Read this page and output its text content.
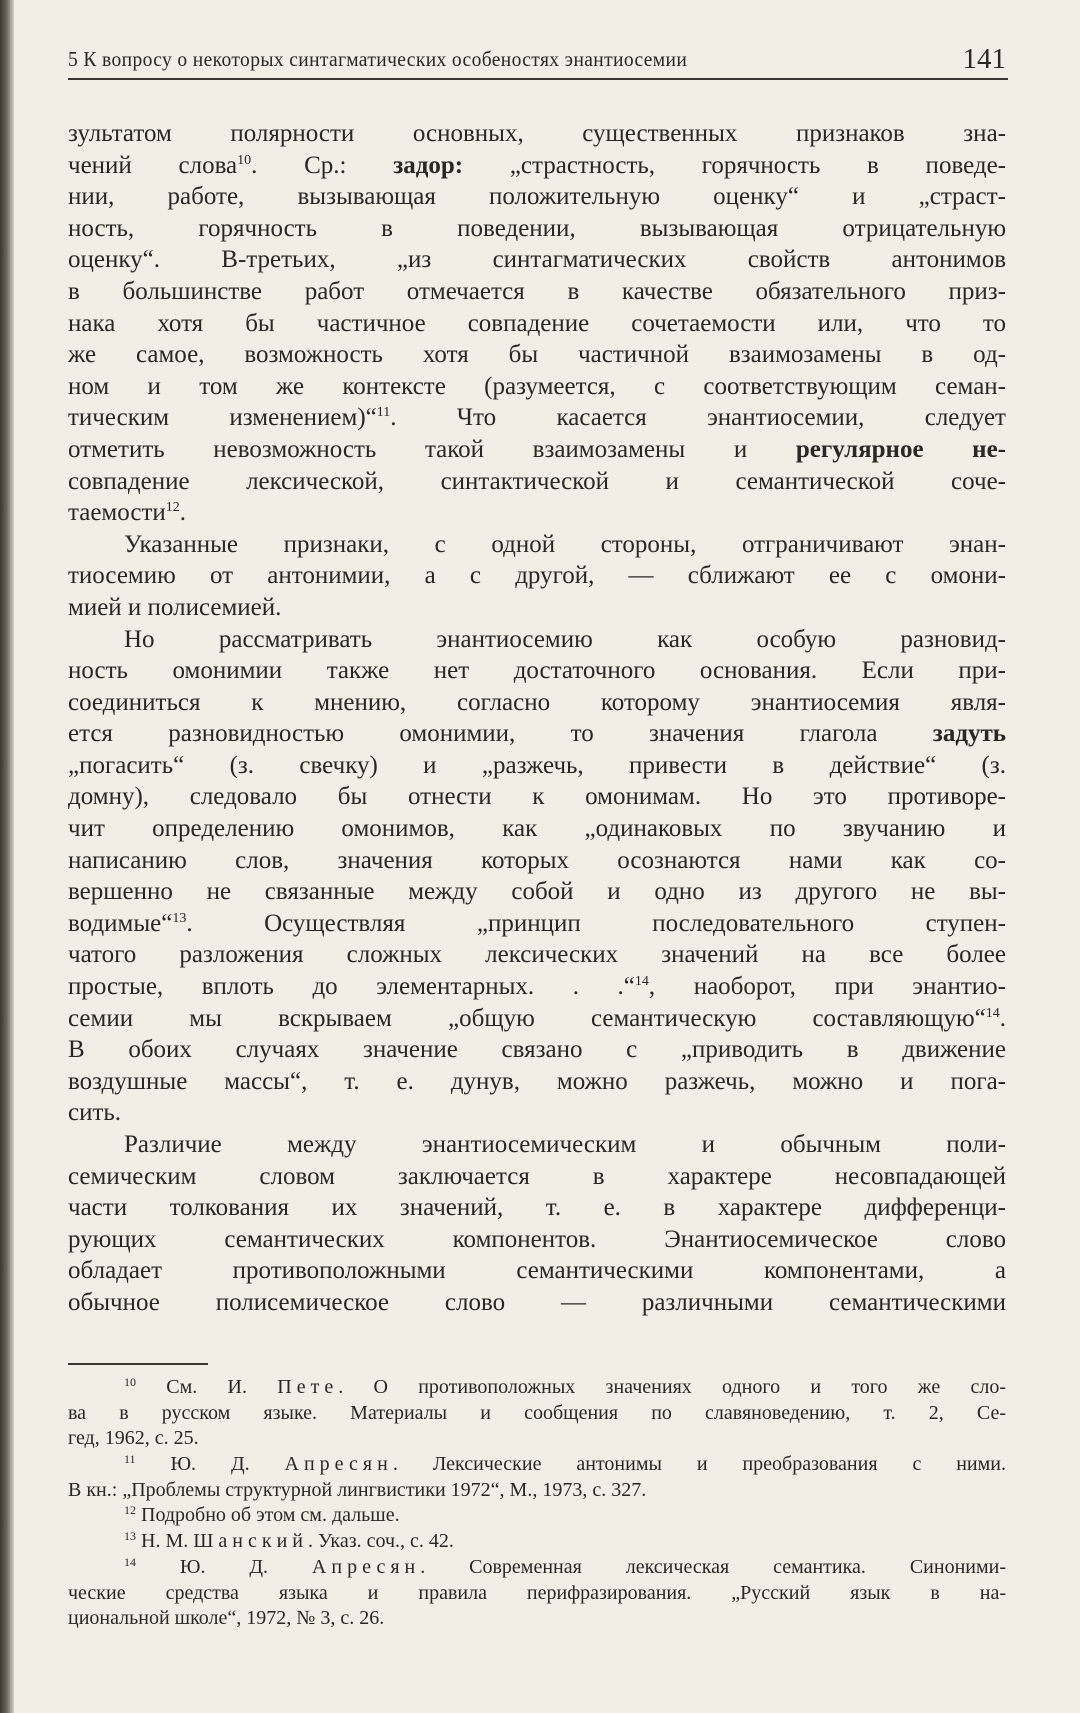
5 К вопросу о некоторых синтагматических особеностях энантиосемии	141
зультатом полярности основных, существенных признаков зна-
чений слова$^{10}$. Ср.: задор: „страстность, горячность в поведе-
нии, работе, вызывающая положительную оценку“ и „страст-
ность, горячность в поведении, вызывающая отрицательную
оценку“. В-третьих, „из синтагматических свойств антонимов
в большинстве работ отмечается в качестве обязательного приз-
нака хотя бы частичное совпадение сочетаемости или, что то
же самое, возможность хотя бы частичной взаимозамены в од-
ном и том же контексте (разумеется, с соответствующим семан-
тическим изменением)“$^{11}$. Что касается энантиосемии, следует
отметить невозможность такой взаимозамены и регулярное не-
совпадение лексической, синтактической и семантической соче-
таемости$^{12}$.
Указанные признаки, с одной стороны, отграничивают энан-
тиосемию от антонимии, а с другой, — сближают ее с омони-
мией и полисемией.
Но рассматривать энантиосемию как особую разновид-
ность омонимии также нет достаточного основания. Если при-
соединиться к мнению, согласно которому энантиосемия явля-
ется разновидностью омонимии, то значения глагола задуть
„погасить“ (з. свечку) и „разжечь, привести в действие“ (з.
домну), следовало бы отнести к омонимам. Но это противоре-
чит определению омонимов, как „одинаковых по звучанию и
написанию слов, значения которых осознаются нами как со-
вершенно не связанные между собой и одно из другого не вы-
водимые“$^{13}$. Осуществляя „принцип последовательного ступен-
чатого разложения сложных лексических значений на все более
простые, вплоть до элементарных. . .“$^{14}$, наоборот, при энантио-
семии мы вскрываем „общую семантическую составляющую“$^{14}$.
В обоих случаях значение связано с „приводить в движение
воздушные массы“, т. е. дунув, можно разжечь, можно и пога-
сить.
Различие между энантиосемическим и обычным поли-
семическим словом заключается в характере несовпадающей
части толкования их значений, т. е. в характере дифференци-
рующих семантических компонентов. Энантиосемическое слово
обладает противоположными семантическими компонентами, а
обычное полисемическое слово — различными семантическими
$^{10}$ См. И. Пете. О противоположных значениях одного и того же сло-
ва в русском языке. Материалы и сообщения по славяноведению, т. 2, Се-
гед, 1962, с. 25.
$^{11}$ Ю. Д. Апресян. Лексические антонимы и преобразования с ними.
В кн.: „Проблемы структурной лингвистики 1972“, М., 1973, с. 327.
$^{12}$ Подробно об этом см. дальше.
$^{13}$ Н. М. Шанский. Указ. соч., с. 42.
$^{14}$ Ю. Д. Апресян. Современная лексическая семантика. Синоними-
ческие средства языка и правила перифразирования. „Русский язык в на-
циональной школе“, 1972, № 3, с. 26.
